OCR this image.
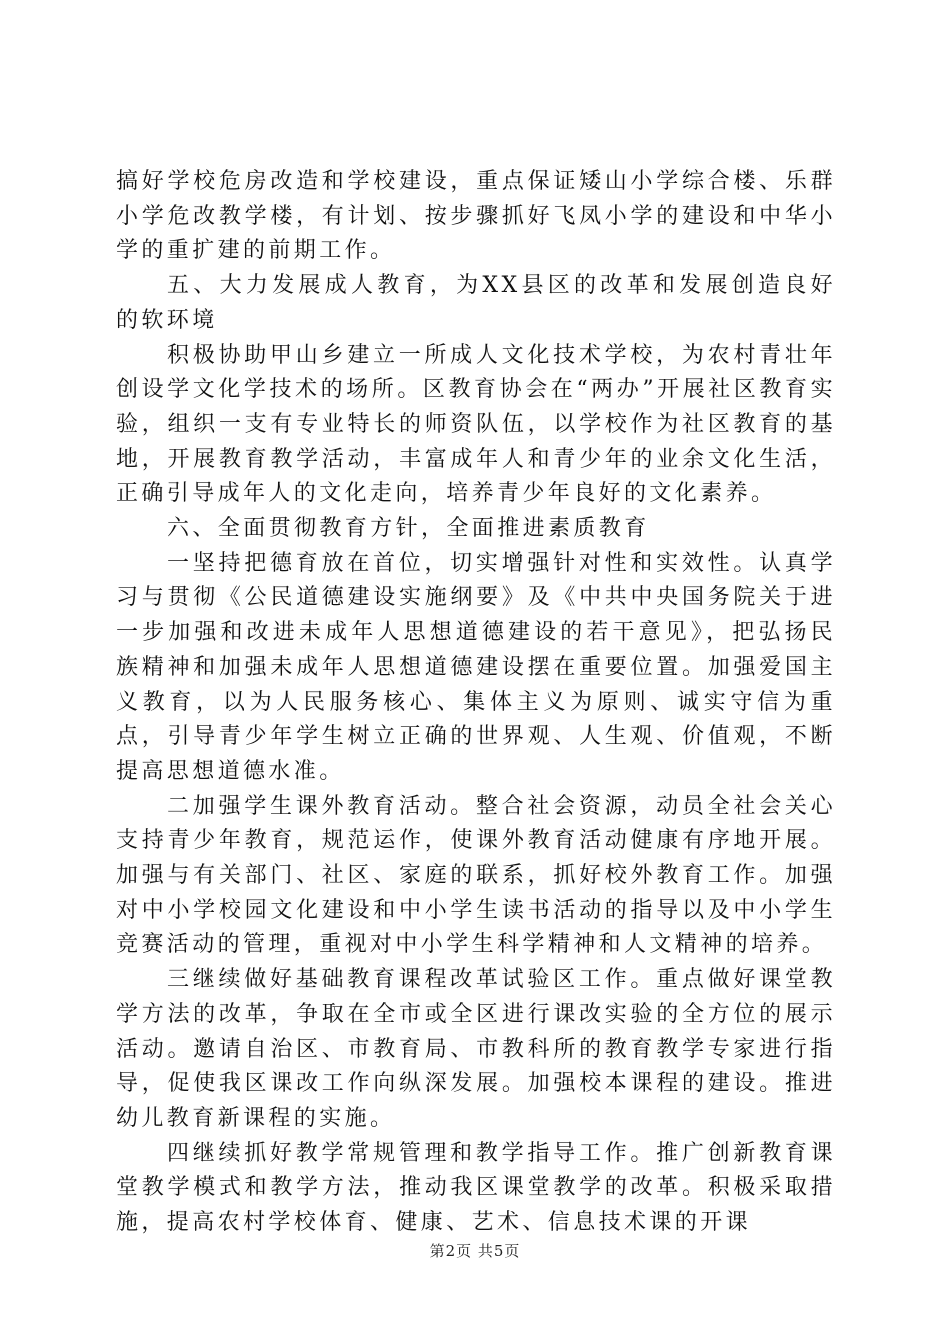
搞好学校危房改造和学校建设，重点保证矮山小学综合楼、乐群小学危改教学楼，有计划、按步骤抓好飞凤小学的建设和中华小学的重扩建的前期工作。

五、大力发展成人教育，为XX县区的改革和发展创造良好的软环境

积极协助甲山乡建立一所成人文化技术学校，为农村青壮年创设学文化学技术的场所。区教育协会在“两办”开展社区教育实验，组织一支有专业特长的师资队伍，以学校作为社区教育的基地，开展教育教学活动，丰富成年人和青少年的业余文化生活，正确引导成年人的文化走向，培养青少年良好的文化素养。

六、全面贯彻教育方针，全面推进素质教育

一坚持把德育放在首位，切实增强针对性和实效性。认真学习与贯彻《公民道德建设实施纲要》及《中共中央国务院关于进一步加强和改进未成年人思想道德建设的若干意见》，把弘扬民族精神和加强未成年人思想道德建设摆在重要位置。加强爱国主义教育，以为人民服务核心、集体主义为原则、诚实守信为重点，引导青少年学生树立正确的世界观、人生观、价值观，不断提高思想道德水准。

二加强学生课外教育活动。整合社会资源，动员全社会关心支持青少年教育，规范运作，使课外教育活动健康有序地开展。加强与有关部门、社区、家庭的联系，抓好校外教育工作。加强对中小学校园文化建设和中小学生读书活动的指导以及中小学生竞赛活动的管理，重视对中小学生科学精神和人文精神的培养。

三继续做好基础教育课程改革试验区工作。重点做好课堂教学方法的改革，争取在全市或全区进行课改实验的全方位的展示活动。邀请自治区、市教育局、市教科所的教育教学专家进行指导，促使我区课改工作向纵深发展。加强校本课程的建设。推进幼儿教育新课程的实施。

四继续抓好教学常规管理和教学指导工作。推广创新教育课堂教学模式和教学方法，推动我区课堂教学的改革。积极采取措施，提高农村学校体育、健康、艺术、信息技术课的开课

第2页 共5页
